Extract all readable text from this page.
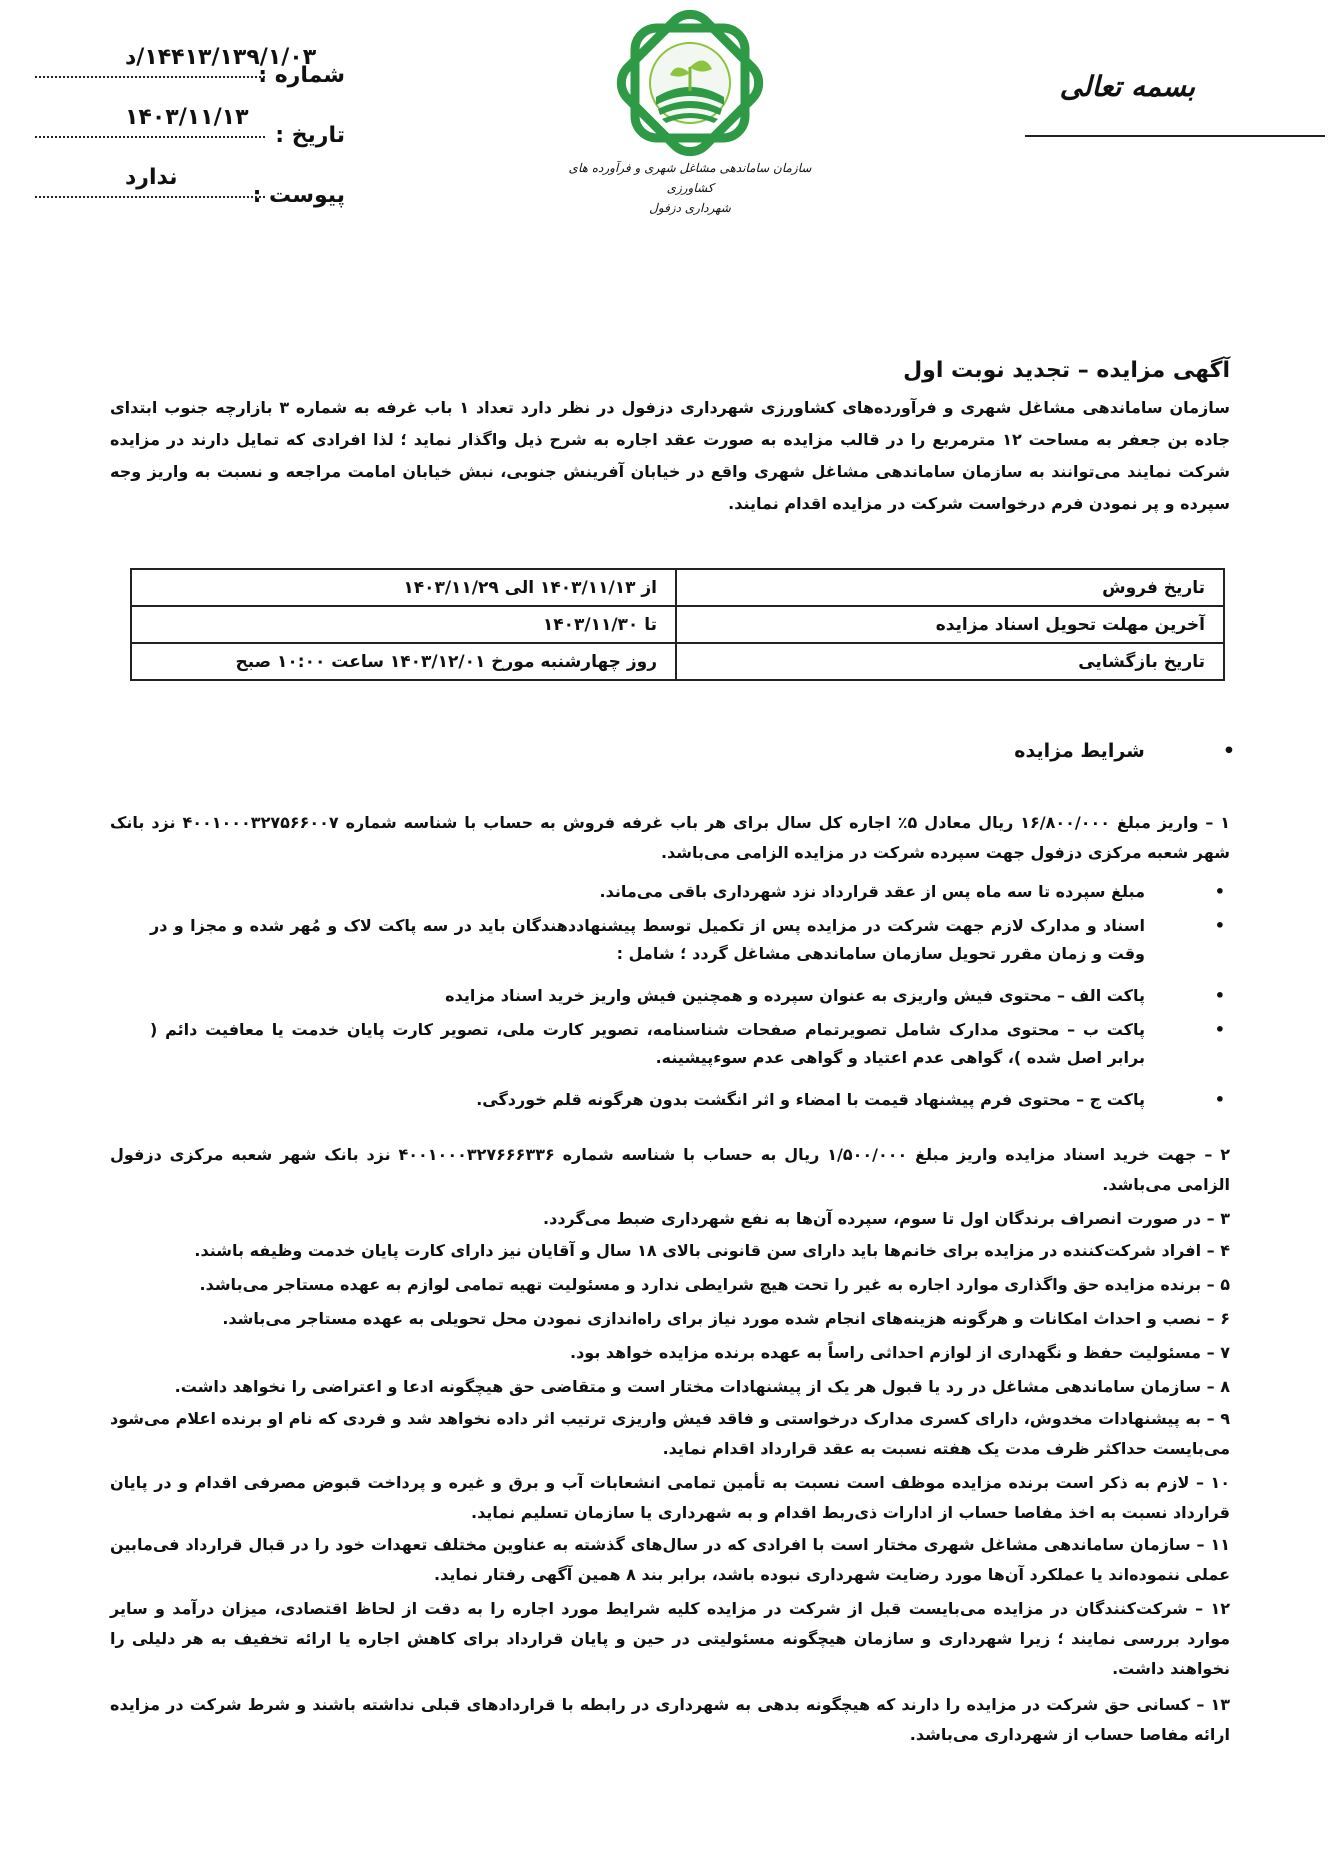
شماره :
۱۴۴۱۳/۱۳۹/۱/۰۳/د
تاریخ :
۱۴۰۳/۱۱/۱۳
پیوست :
ندارد	سازمان ساماندهی مشاغل شهری و فرآورده های کشاورزی
شهرداری دزفول
بسمه تعالی
آگهی مزایده – تجدید نوبت اول
سازمان ساماندهی مشاغل شهری و فرآورده‌های کشاورزی شهرداری دزفول در نظر دارد تعداد ۱ باب غرفه به شماره ۳ بازارچه جنوب ابتدای جاده بن جعفر به مساحت ۱۲ مترمربع را در قالب مزایده به صورت عقد اجاره به شرح ذیل واگذار نماید ؛ لذا افرادی که تمایل دارند در مزایده شرکت نمایند می‌توانند به سازمان ساماندهی مشاغل شهری واقع در خیابان آفرینش جنوبی، نبش خیابان امامت مراجعه و نسبت به واریز وجه سپرده و پر نمودن فرم درخواست شرکت در مزایده اقدام نمایند.
تاریخ فروش	از ۱۴۰۳/۱۱/۱۳ الی ۱۴۰۳/۱۱/۲۹
آخرین مهلت تحویل اسناد مزایده	تا ۱۴۰۳/۱۱/۳۰
تاریخ بازگشایی	روز چهارشنبه مورخ ۱۴۰۳/۱۲/۰۱ ساعت ۱۰:۰۰ صبح
• شرایط مزایده
۱ – واریز مبلغ ۱۶/۸۰۰/۰۰۰ ریال معادل ۵٪ اجاره کل سال برای هر باب غرفه فروش به حساب با شناسه شماره ۴۰۰۱۰۰۰۳۲۷۵۶۶۰۰۷ نزد بانک شهر شعبه مرکزی دزفول جهت سپرده شرکت در مزایده الزامی می‌باشد.
•
مبلغ سپرده تا سه ماه پس از عقد قرارداد نزد شهرداری باقی می‌ماند.
•
اسناد و مدارک لازم جهت شرکت در مزایده پس از تکمیل توسط پیشنهاددهندگان باید در سه پاکت لاک و مُهر شده و مجزا و در وقت و زمان مقرر تحویل سازمان ساماندهی مشاغل گردد ؛ شامل :
•
پاکت الف – محتوی فیش واریزی به عنوان سپرده و همچنین فیش واریز خرید اسناد مزایده
•
پاکت ب – محتوی مدارک شامل تصویرتمام صفحات شناسنامه، تصویر کارت ملی، تصویر کارت پایان خدمت یا معافیت دائم ( برابر اصل شده )، گواهی عدم اعتیاد و گواهی عدم سوءپیشینه.
•
پاکت ج – محتوی فرم پیشنهاد قیمت با امضاء و اثر انگشت بدون هرگونه قلم خوردگی.
۲ – جهت خرید اسناد مزایده واریز مبلغ ۱/۵۰۰/۰۰۰ ریال به حساب با شناسه شماره ۴۰۰۱۰۰۰۳۲۷۶۶۶۳۳۶ نزد بانک شهر شعبه مرکزی دزفول الزامی می‌باشد.
۳ – در صورت انصراف برندگان اول تا سوم، سپرده آن‌ها به نفع شهرداری ضبط می‌گردد.
۴ – افراد شرکت‌کننده در مزایده برای خانم‌ها باید دارای سن قانونی بالای ۱۸ سال و آقایان نیز دارای کارت پایان خدمت وظیفه باشند.
۵ – برنده مزایده حق واگذاری موارد اجاره به غیر را تحت هیچ شرایطی ندارد و مسئولیت تهیه تمامی لوازم به عهده مستاجر می‌باشد.
۶ – نصب و احداث امکانات و هرگونه هزینه‌های انجام شده مورد نیاز برای راه‌اندازی نمودن محل تحویلی به عهده مستاجر می‌باشد.
۷ – مسئولیت حفظ و نگهداری از لوازم احداثی راساً به عهده برنده مزایده خواهد بود.
۸ – سازمان ساماندهی مشاغل در رد یا قبول هر یک از پیشنهادات مختار است و متقاضی حق هیچگونه ادعا و اعتراضی را نخواهد داشت.
۹ – به پیشنهادات مخدوش، دارای کسری مدارک درخواستی و فاقد فیش واریزی ترتیب اثر داده نخواهد شد و فردی که نام او برنده اعلام می‌شود می‌بایست حداکثر ظرف مدت یک هفته نسبت به عقد قرارداد اقدام نماید.
۱۰ – لازم به ذکر است برنده مزایده موظف است نسبت به تأمین تمامی انشعابات آب و برق و غیره و پرداخت قبوض مصرفی اقدام و در پایان قرارداد نسبت به اخذ مفاصا حساب از ادارات ذی‌ربط اقدام و به شهرداری یا سازمان تسلیم نماید.
۱۱ – سازمان ساماندهی مشاغل شهری مختار است با افرادی که در سال‌های گذشته به عناوین مختلف تعهدات خود را در قبال قرارداد فی‌مابین عملی ننموده‌اند یا عملکرد آن‌ها مورد رضایت شهرداری نبوده باشد، برابر بند ۸ همین آگهی رفتار نماید.
۱۲ – شرکت‌کنندگان در مزایده می‌بایست قبل از شرکت در مزایده کلیه شرایط مورد اجاره را به دقت از لحاظ اقتصادی، میزان درآمد و سایر موارد بررسی نمایند ؛ زیرا شهرداری و سازمان هیچگونه مسئولیتی در حین و پایان قرارداد برای کاهش اجاره یا ارائه تخفیف به هر دلیلی را نخواهند داشت.
۱۳ – کسانی حق شرکت در مزایده را دارند که هیچگونه بدهی به شهرداری در رابطه با قراردادهای قبلی نداشته باشند و شرط شرکت در مزایده ارائه مفاصا حساب از شهرداری می‌باشد.
